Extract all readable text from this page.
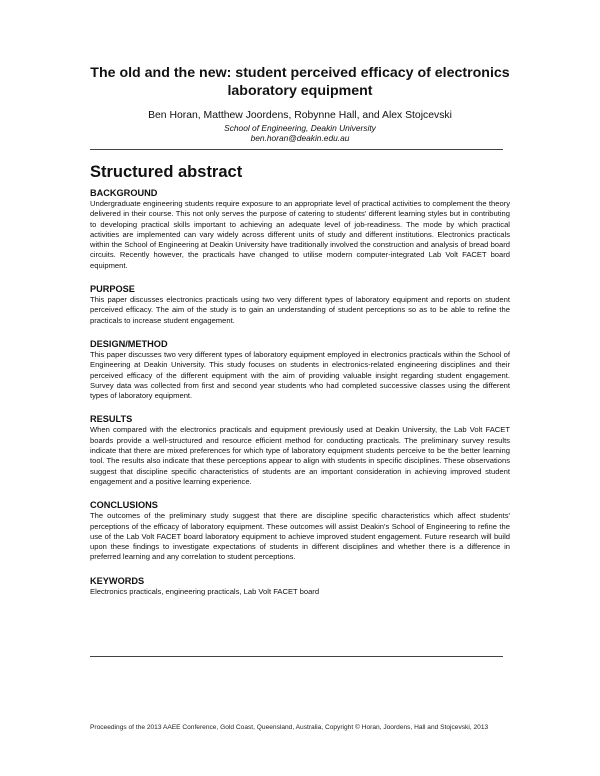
The old and the new: student perceived efficacy of electronics laboratory equipment
Ben Horan, Matthew Joordens, Robynne Hall, and Alex Stojcevski
School of Engineering, Deakin University
ben.horan@deakin.edu.au
Structured abstract
BACKGROUND

Undergraduate engineering students require exposure to an appropriate level of practical activities to complement the theory delivered in their course. This not only serves the purpose of catering to students' different learning styles but in contributing to developing practical skills important to achieving an adequate level of job-readiness. The mode by which practical activities are implemented can vary widely across different units of study and different institutions. Electronics practicals within the School of Engineering at Deakin University have traditionally involved the construction and analysis of bread board circuits. Recently however, the practicals have changed to utilise modern computer-integrated Lab Volt FACET board equipment.

PURPOSE

This paper discusses electronics practicals using two very different types of laboratory equipment and reports on student perceived efficacy. The aim of the study is to gain an understanding of student perceptions so as to be able to refine the practicals to increase student engagement.

DESIGN/METHOD

This paper discusses two very different types of laboratory equipment employed in electronics practicals within the School of Engineering at Deakin University. This study focuses on students in electronics-related engineering disciplines and their perceived efficacy of the different equipment with the aim of providing valuable insight regarding student engagement. Survey data was collected from first and second year students who had completed successive classes using the different types of laboratory equipment.

RESULTS

When compared with the electronics practicals and equipment previously used at Deakin University, the Lab Volt FACET boards provide a well-structured and resource efficient method for conducting practicals. The preliminary survey results indicate that there are mixed preferences for which type of laboratory equipment students perceive to be the better learning tool. The results also indicate that these perceptions appear to align with students in specific disciplines. These observations suggest that discipline specific characteristics of students are an important consideration in achieving improved student engagement and a positive learning experience.

CONCLUSIONS

The outcomes of the preliminary study suggest that there are discipline specific characteristics which affect students' perceptions of the efficacy of laboratory equipment. These outcomes will assist Deakin's School of Engineering to refine the use of the Lab Volt FACET board laboratory equipment to achieve improved student engagement. Future research will build upon these findings to investigate expectations of students in different disciplines and whether there is a difference in preferred learning and any correlation to student perceptions.

KEYWORDS

Electronics practicals, engineering practicals, Lab Volt FACET board

Proceedings of the 2013 AAEE Conference, Gold Coast, Queensland, Australia, Copyright © Horan, Joordens, Hall and Stojcevski, 2013
